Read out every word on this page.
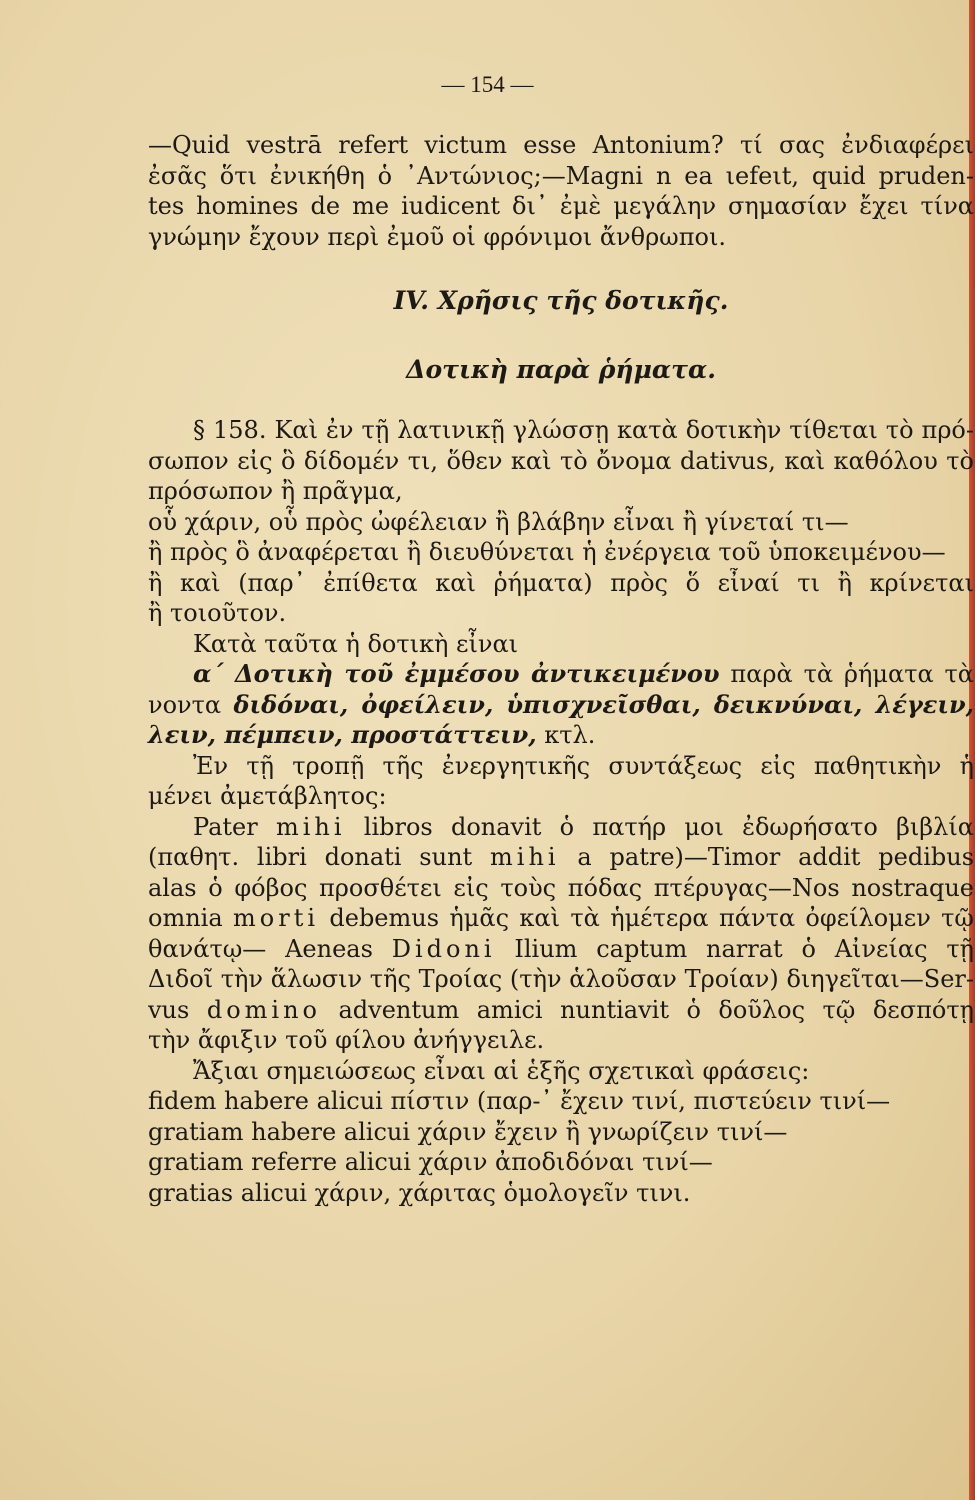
— 154 —
—Quid vestrā refert victum esse Antonium? τί σας ἐνδιαφέρει
ἐσᾶς ὅτι ἐνικήθη ὁ ᾿Αντώνιος;—Magni n ea ιefeιt, quid pruden-
tes homines de me iudicent δι᾿ ἐμὲ μεγάλην σημασίαν ἔχει τίνα
γνώμην ἔχουν περὶ ἐμοῦ οἱ φρόνιμοι ἄνθρωποι.
IV. Χρῆσις τῆς δοτικῆς.
Δοτικὴ παρὰ ῥήματα.
§ 158. Καὶ ἐν τῇ λατινικῇ γλώσσῃ κατὰ δοτικὴν τίθεται τὸ πρό-
σωπον εἰς ὃ δίδομέν τι, ὅθεν καὶ τὸ ὄνομα dativus, καὶ καθόλου τὸ
πρόσωπον ἢ πρᾶγμα,
οὗ χάριν, οὗ πρὸς ὠφέλειαν ἢ βλάβην εἶναι ἢ γίνεταί τι—
ἢ πρὸς ὃ ἀναφέρεται ἢ διευθύνεται ἡ ἐνέργεια τοῦ ὑποκειμένου—
ἢ καὶ (παρ᾿ ἐπίθετα καὶ ῥήματα) πρὸς ὅ εἶναί τι ἢ κρίνεται
ἢ τοιοῦτον.
Κατὰ ταῦτα ἡ δοτικὴ εἶναι
α´ Δοτικὴ τοῦ ἐμμέσου ἀντικειμένου παρὰ τὰ ῥήματα τὰ
νοντα διδόναι, ὀφείλειν, ὑπισχνεῖσθαι, δεικνύναι, λέγειν,
λειν, πέμπειν, προστάττειν, κτλ.
Ἐν τῇ τροπῇ τῆς ἐνεργητικῆς συντάξεως εἰς παθητικὴν ἡ
μένει ἀμετάβλητος:
Pater mihi libros donavit ὁ πατήρ μοι ἐδωρήσατο βιβλία
(παθητ. libri donati sunt mihi a patre)—Timor addit pedibus
alas ὁ φόβος προσθέτει εἰς τοὺς πόδας πτέρυγας—Nos nostraque
omnia morti debemus ἡμᾶς καὶ τὰ ἡμέτερα πάντα ὀφείλομεν τῷ
θανάτῳ— Aeneas Didoni Ilium captum narrat ὁ Αἰνείας τῇ
Διδοῖ τὴν ἅλωσιν τῆς Τροίας (τὴν ἁλοῦσαν Τροίαν) διηγεῖται—Ser-
vus domino adventum amici nuntiavit ὁ δοῦλος τῷ δεσπότῃ
τὴν ἄφιξιν τοῦ φίλου ἀνήγγειλε.
Ἄξιαι σημειώσεως εἶναι αἱ ἑξῆς σχετικαὶ φράσεις:
fidem habere alicui πίστιν (παρ-᾿ ἔχειν τινί, πιστεύειν τινί—
gratiam habere alicui χάριν ἔχειν ἢ γνωρίζειν τινί—
gratiam referre alicui χάριν ἀποδιδόναι τινί—
gratias alicui χάριν, χάριτας ὁμολογεῖν τινι.
